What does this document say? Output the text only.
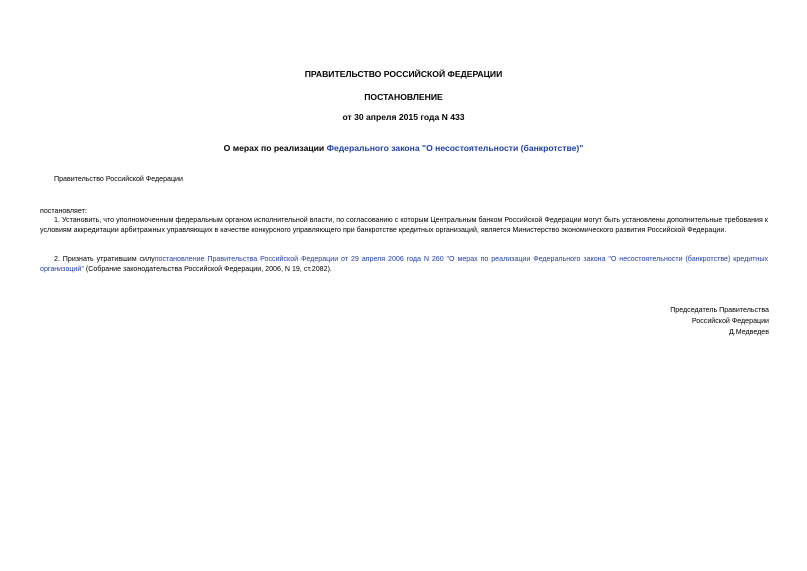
ПРАВИТЕЛЬСТВО РОССИЙСКОЙ ФЕДЕРАЦИИ
ПОСТАНОВЛЕНИЕ
от 30 апреля 2015 года N 433
О мерах по реализации Федерального закона "О несостоятельности (банкротстве)"
Правительство Российской Федерации
постановляет:
1. Установить, что уполномоченным федеральным органом исполнительной власти, по согласованию с которым Центральным банком Российской Федерации могут быть установлены дополнительные требования к условиям аккредитации арбитражных управляющих в качестве конкурсного управляющего при банкротстве кредитных организаций, является Министерство экономического развития Российской Федерации.
2. Признать утратившим силупостановление Правительства Российской Федерации от 29 апреля 2006 года N 260 "О мерах по реализации Федерального закона "О несостоятельности (банкротстве) кредитных организаций" (Собрание законодательства Российской Федерации, 2006, N 19, ст.2082).
Председатель Правительства
Российской Федерации
Д.Медведев
